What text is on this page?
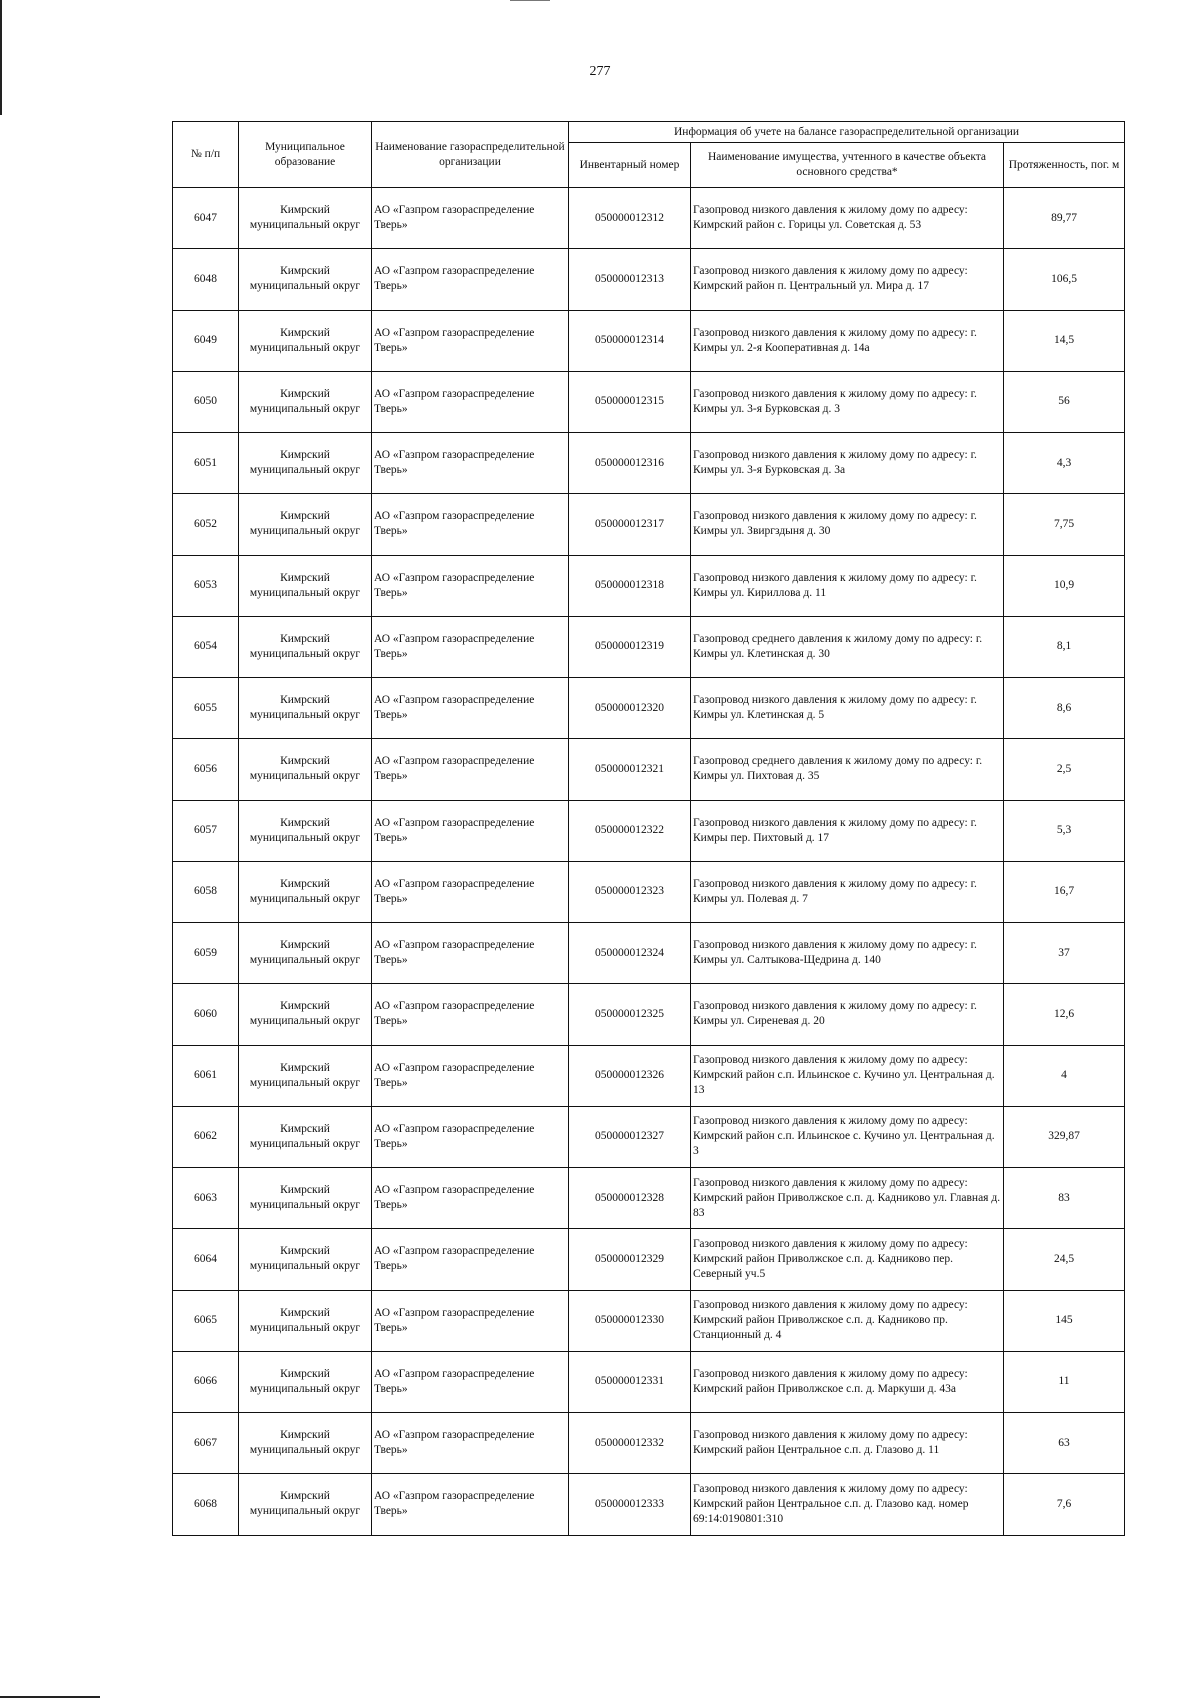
277
№ п/п	Муниципальное образование	Наименование газораспределительной организации	Информация об учете на балансе газораспределительной организации		
			Инвентарный номер	Наименование имущества, учтенного в качестве объекта основного средства*	Протяженность, пог. м
6047	Кимрский муниципальный округ	АО «Газпром газораспределение Тверь»	050000012312	Газопровод низкого давления к жилому дому по адресу: Кимрский район с. Горицы ул. Советская д. 53	89,77
6048	Кимрский муниципальный округ	АО «Газпром газораспределение Тверь»	050000012313	Газопровод низкого давления к жилому дому по адресу: Кимрский район п. Центральный ул. Мира д. 17	106,5
6049	Кимрский муниципальный округ	АО «Газпром газораспределение Тверь»	050000012314	Газопровод низкого давления к жилому дому по адресу: г. Кимры ул. 2-я Кооперативная д. 14а	14,5
6050	Кимрский муниципальный округ	АО «Газпром газораспределение Тверь»	050000012315	Газопровод низкого давления к жилому дому по адресу: г. Кимры ул. 3-я Бурковская д. 3	56
6051	Кимрский муниципальный округ	АО «Газпром газораспределение Тверь»	050000012316	Газопровод низкого давления к жилому дому по адресу: г. Кимры ул. 3-я Бурковская д. 3а	4,3
6052	Кимрский муниципальный округ	АО «Газпром газораспределение Тверь»	050000012317	Газопровод низкого давления к жилому дому по адресу: г. Кимры ул. Звиргздыня д. 30	7,75
6053	Кимрский муниципальный округ	АО «Газпром газораспределение Тверь»	050000012318	Газопровод низкого давления к жилому дому по адресу: г. Кимры ул. Кириллова д. 11	10,9
6054	Кимрский муниципальный округ	АО «Газпром газораспределение Тверь»	050000012319	Газопровод среднего давления к жилому дому по адресу: г. Кимры ул. Клетинская д. 30	8,1
6055	Кимрский муниципальный округ	АО «Газпром газораспределение Тверь»	050000012320	Газопровод низкого давления к жилому дому по адресу: г. Кимры ул. Клетинская д. 5	8,6
6056	Кимрский муниципальный округ	АО «Газпром газораспределение Тверь»	050000012321	Газопровод среднего давления к жилому дому по адресу: г. Кимры ул. Пихтовая д. 35	2,5
6057	Кимрский муниципальный округ	АО «Газпром газораспределение Тверь»	050000012322	Газопровод низкого давления к жилому дому по адресу: г. Кимры пер. Пихтовый д. 17	5,3
6058	Кимрский муниципальный округ	АО «Газпром газораспределение Тверь»	050000012323	Газопровод низкого давления к жилому дому по адресу: г. Кимры ул. Полевая д. 7	16,7
6059	Кимрский муниципальный округ	АО «Газпром газораспределение Тверь»	050000012324	Газопровод низкого давления к жилому дому по адресу: г. Кимры ул. Салтыкова-Щедрина д. 140	37
6060	Кимрский муниципальный округ	АО «Газпром газораспределение Тверь»	050000012325	Газопровод низкого давления к жилому дому по адресу: г. Кимры ул. Сиреневая д. 20	12,6
6061	Кимрский муниципальный округ	АО «Газпром газораспределение Тверь»	050000012326	Газопровод низкого давления к жилому дому по адресу: Кимрский район с.п. Ильинское с. Кучино ул. Центральная д. 13	4
6062	Кимрский муниципальный округ	АО «Газпром газораспределение Тверь»	050000012327	Газопровод низкого давления к жилому дому по адресу: Кимрский район с.п. Ильинское с. Кучино ул. Центральная д. 3	329,87
6063	Кимрский муниципальный округ	АО «Газпром газораспределение Тверь»	050000012328	Газопровод низкого давления к жилому дому по адресу: Кимрский район Приволжское с.п. д. Кадниково ул. Главная д. 83	83
6064	Кимрский муниципальный округ	АО «Газпром газораспределение Тверь»	050000012329	Газопровод низкого давления к жилому дому по адресу: Кимрский район Приволжское с.п. д. Кадниково пер. Северный уч.5	24,5
6065	Кимрский муниципальный округ	АО «Газпром газораспределение Тверь»	050000012330	Газопровод низкого давления к жилому дому по адресу: Кимрский район Приволжское с.п. д. Кадниково пр. Станционный д. 4	145
6066	Кимрский муниципальный округ	АО «Газпром газораспределение Тверь»	050000012331	Газопровод низкого давления к жилому дому по адресу: Кимрский район Приволжское с.п. д. Маркуши д. 43а	11
6067	Кимрский муниципальный округ	АО «Газпром газораспределение Тверь»	050000012332	Газопровод низкого давления к жилому дому по адресу: Кимрский район Центральное с.п. д. Глазово д. 11	63
6068	Кимрский муниципальный округ	АО «Газпром газораспределение Тверь»	050000012333	Газопровод низкого давления к жилому дому по адресу: Кимрский район Центральное с.п. д. Глазово кад. номер 69:14:0190801:310	7,6
